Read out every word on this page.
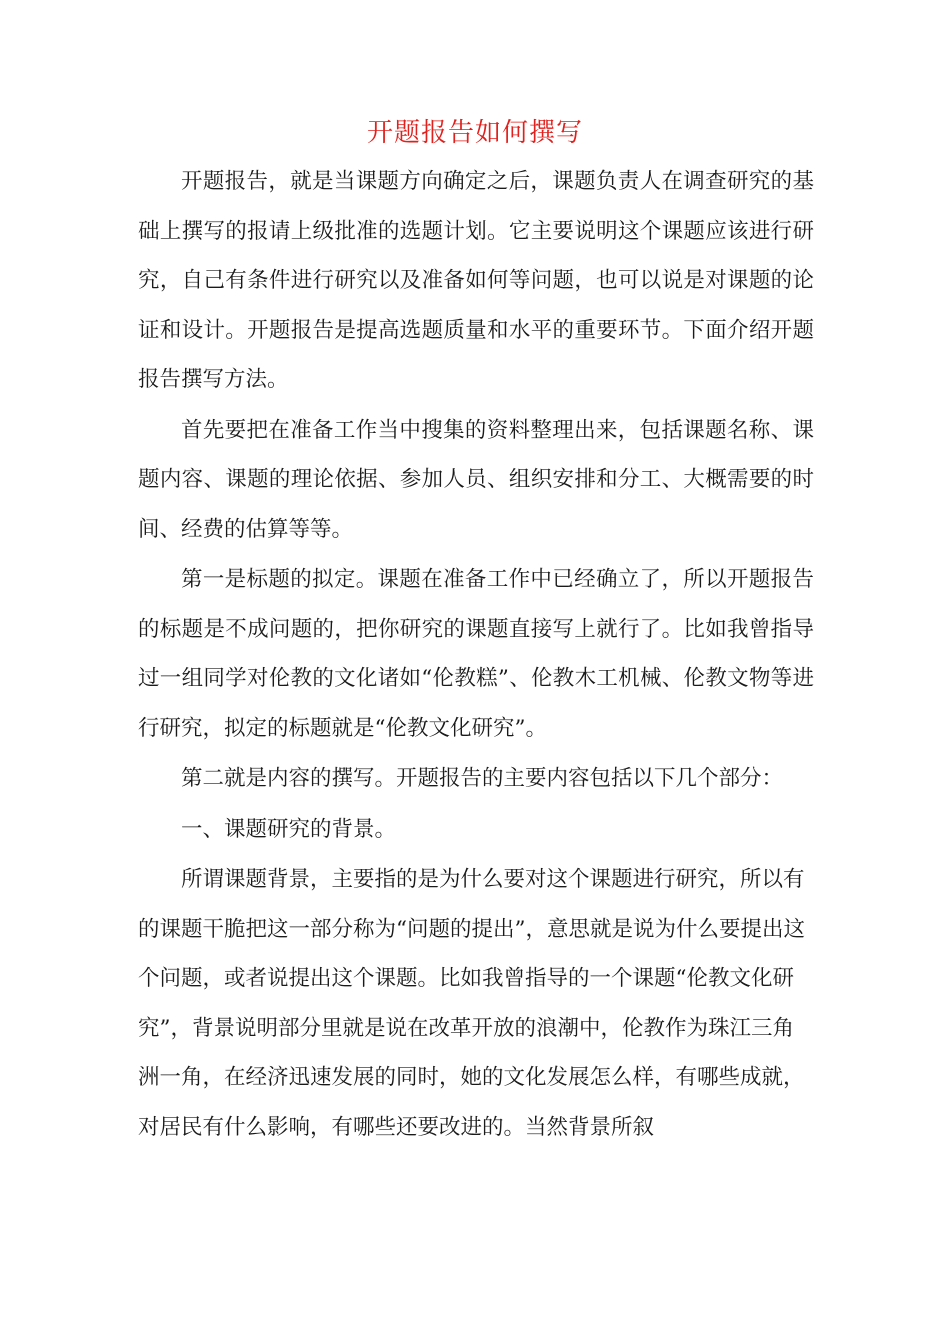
开题报告如何撰写

开题报告，就是当课题方向确定之后，课题负责人在调查研究的基础上撰写的报请上级批准的选题计划。它主要说明这个课题应该进行研究，自己有条件进行研究以及准备如何等问题，也可以说是对课题的论证和设计。开题报告是提高选题质量和水平的重要环节。下面介绍开题报告撰写方法。

首先要把在准备工作当中搜集的资料整理出来，包括课题名称、课题内容、课题的理论依据、参加人员、组织安排和分工、大概需要的时间、经费的估算等等。

第一是标题的拟定。课题在准备工作中已经确立了，所以开题报告的标题是不成问题的，把你研究的课题直接写上就行了。比如我曾指导过一组同学对伦教的文化诸如“伦教糕”、伦教木工机械、伦教文物等进行研究，拟定的标题就是“伦教文化研究”。

第二就是内容的撰写。开题报告的主要内容包括以下几个部分：

一、课题研究的背景。

所谓课题背景，主要指的是为什么要对这个课题进行研究，所以有的课题干脆把这一部分称为“问题的提出”，意思就是说为什么要提出这个问题，或者说提出这个课题。比如我曾指导的一个课题“伦教文化研究”，背景说明部分里就是说在改革开放的浪潮中，伦教作为珠江三角洲一角，在经济迅速发展的同时，她的文化发展怎么样，有哪些成就，对居民有什么影响，有哪些还要改进的。当然背景所叙
